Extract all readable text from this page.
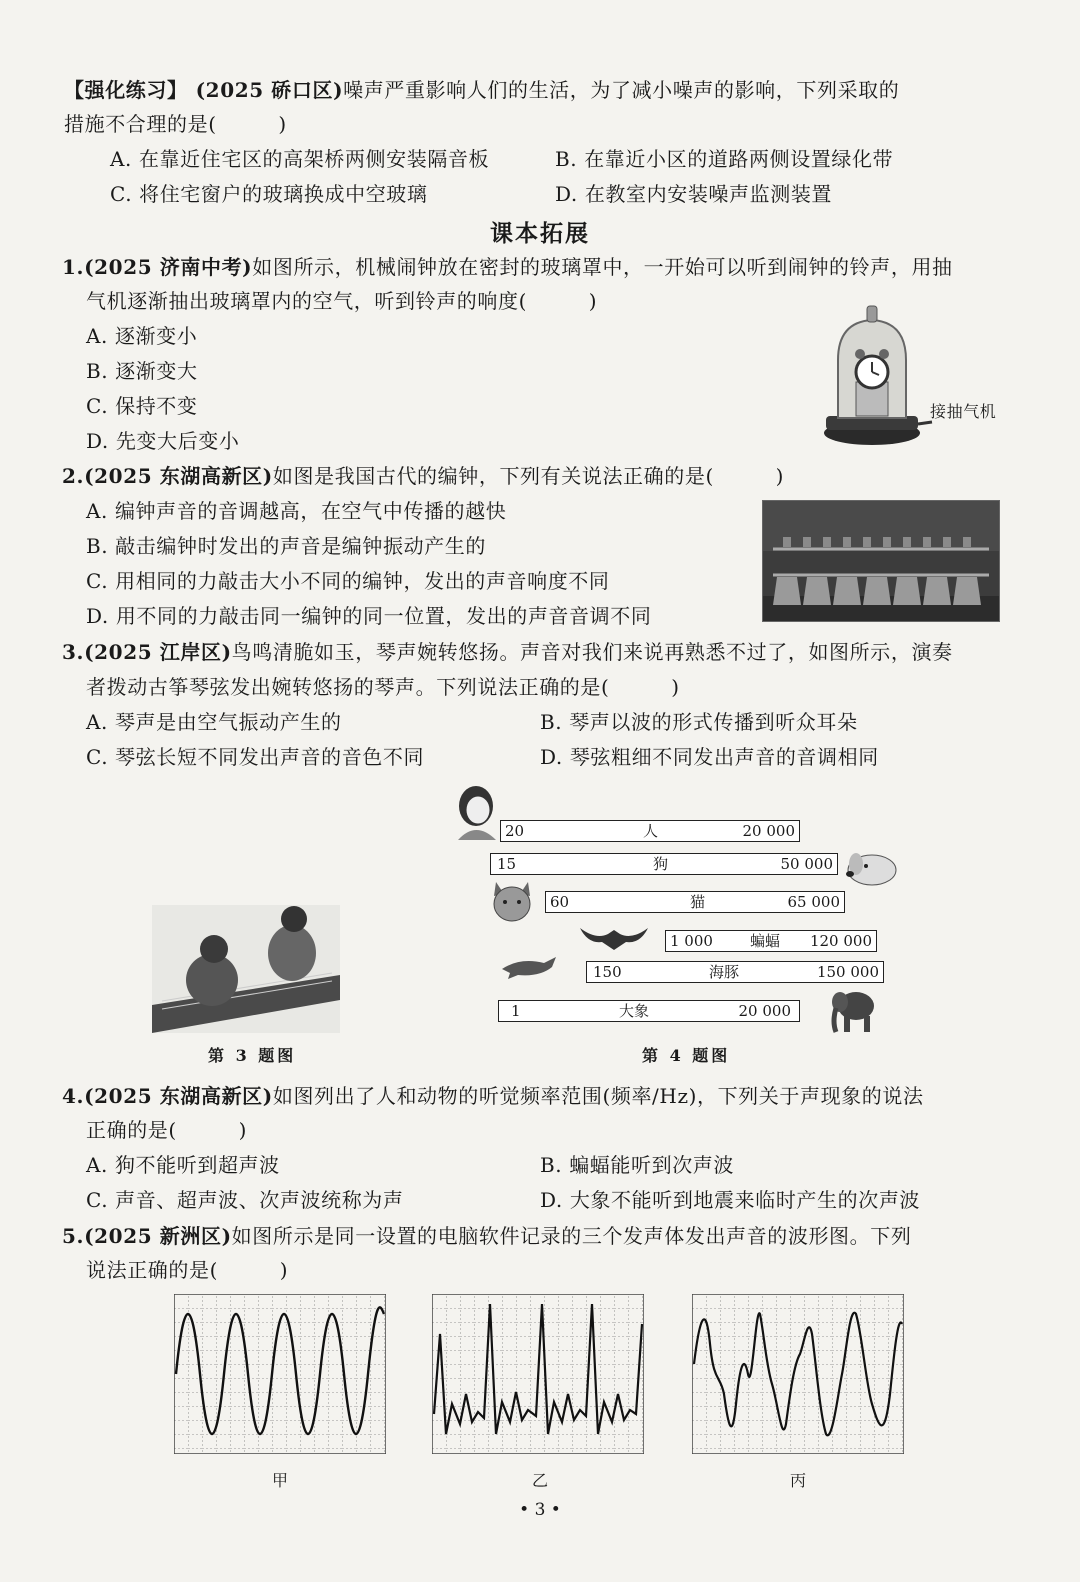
【强化练习】 (2025 硚口区)噪声严重影响人们的生活，为了减小噪声的影响，下列采取的
措施不合理的是(　　　)
A. 在靠近住宅区的高架桥两侧安装隔音板	B. 在靠近小区的道路两侧设置绿化带
C. 将住宅窗户的玻璃换成中空玻璃	D. 在教室内安装噪声监测装置
课本拓展
1.(2025 济南中考)如图所示，机械闹钟放在密封的玻璃罩中，一开始可以听到闹钟的铃声，用抽
气机逐渐抽出玻璃罩内的空气，听到铃声的响度(　　　)
A. 逐渐变小
B. 逐渐变大
C. 保持不变
D. 先变大后变小
接抽气机
2.(2025 东湖高新区)如图是我国古代的编钟，下列有关说法正确的是(　　　)
A. 编钟声音的音调越高，在空气中传播的越快
B. 敲击编钟时发出的声音是编钟振动产生的
C. 用相同的力敲击大小不同的编钟，发出的声音响度不同
D. 用不同的力敲击同一编钟的同一位置，发出的声音音调不同
3.(2025 江岸区)鸟鸣清脆如玉，琴声婉转悠扬。声音对我们来说再熟悉不过了，如图所示，演奏
者拨动古筝琴弦发出婉转悠扬的琴声。下列说法正确的是(　　　)
A. 琴声是由空气振动产生的	B. 琴声以波的形式传播到听众耳朵
C. 琴弦长短不同发出声音的音色不同	D. 琴弦粗细不同发出声音的音调相同
第 3 题图
20	人	20 000
15	狗	50 000
60	猫	65 000
1 000 蝙蝠 120 000
150	海豚	150 000
1	大象	20 000
第 4 题图
4.(2025 东湖高新区)如图列出了人和动物的听觉频率范围(频率/Hz)，下列关于声现象的说法
正确的是(　　　)
A. 狗不能听到超声波	B. 蝙蝠能听到次声波
C. 声音、超声波、次声波统称为声	D. 大象不能听到地震来临时产生的次声波
5.(2025 新洲区)如图所示是同一设置的电脑软件记录的三个发声体发出声音的波形图。下列
说法正确的是(　　　)
甲	乙	丙
• 3 •
